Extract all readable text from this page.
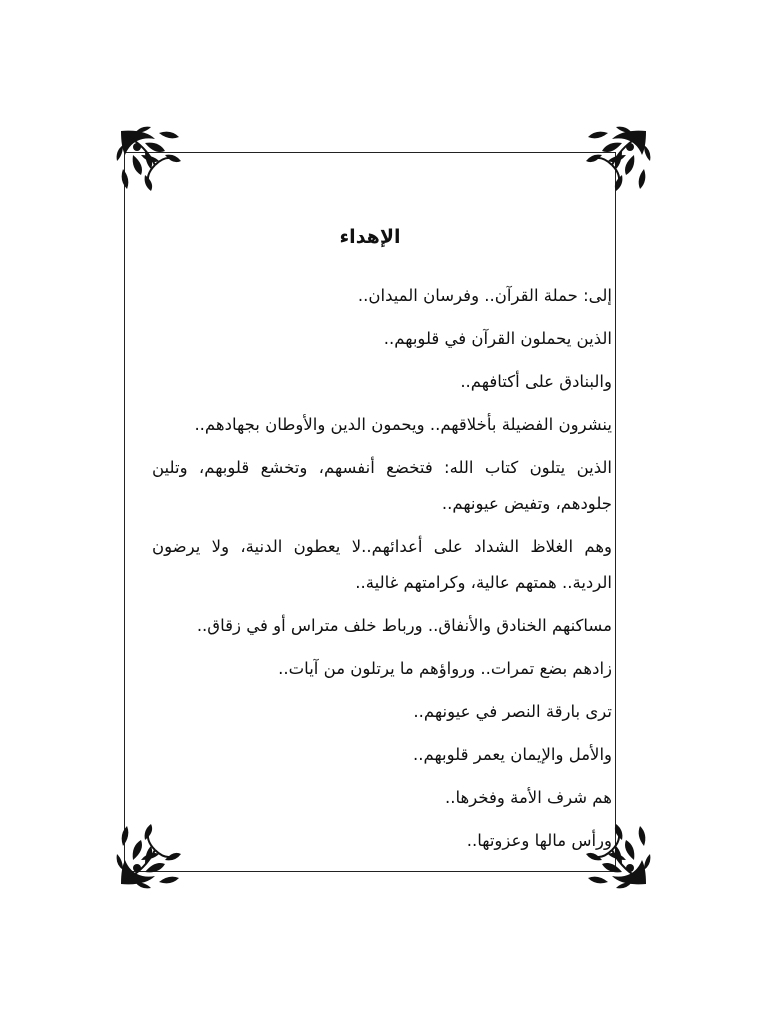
الإهداء
إلى: حملة القرآن.. وفرسان الميدان..
الذين يحملون القرآن في قلوبهم..
والبنادق على أكتافهم..
ينشرون الفضيلة بأخلاقهم.. ويحمون الدين والأوطان بجهادهم..
الذين يتلون كتاب الله: فتخضع أنفسهم، وتخشع قلوبهم، وتلين
جلودهم، وتفيض عيونهم..
وهم الغلاظ الشداد على أعدائهم..لا يعطون الدنية، ولا يرضون
الردية.. همتهم عالية، وكرامتهم غالية..
مساكنهم الخنادق والأنفاق.. ورباط خلف متراس أو في زقاق..
زادهم بضع تمرات.. ورواؤهم ما يرتلون من آيات..
ترى بارقة النصر في عيونهم..
والأمل والإيمان يعمر قلوبهم..
هم شرف الأمة وفخرها..
ورأس مالها وعزوتها..
